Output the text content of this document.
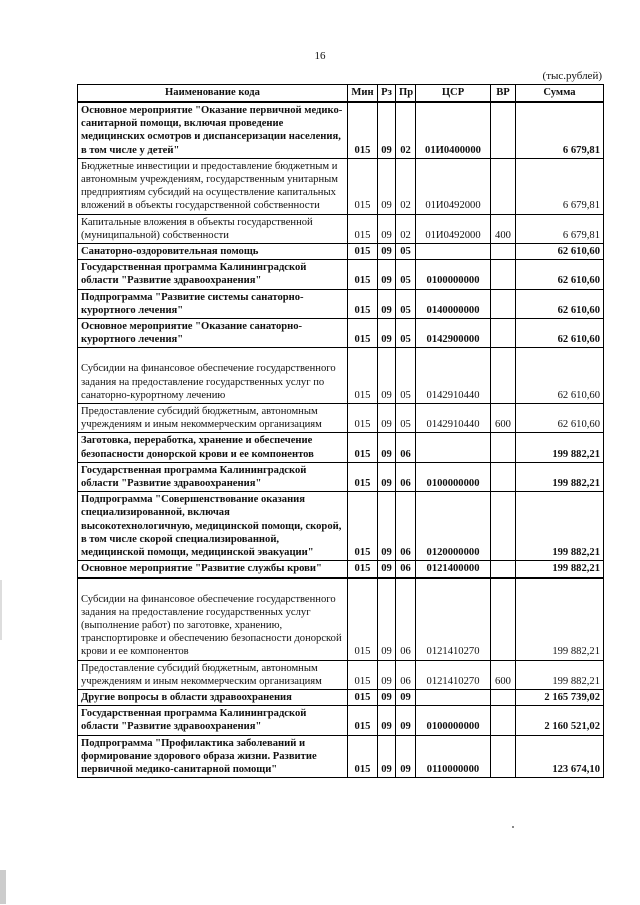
16
(тыс.рублей)
Наименование кода	Мин	Рз	Пр	ЦСР	ВР	Сумма
Основное мероприятие "Оказание первичной медико-санитарной помощи, включая проведение медицинских осмотров и диспансеризации населения, в том числе у детей"	015	09	02	01И0400000		6 679,81
Бюджетные инвестиции и предоставление бюджетным и автономным учреждениям, государственным унитарным предприятиям субсидий на осуществление капитальных вложений в объекты государственной собственности	015	09	02	01И0492000		6 679,81
Капитальные вложения в объекты государственной (муниципальной) собственности	015	09	02	01И0492000	400	6 679,81
Санаторно-оздоровительная помощь	015	09	05			62 610,60
Государственная программа Калининградской области "Развитие здравоохранения"	015	09	05	0100000000		62 610,60
Подпрограмма "Развитие системы санаторно-курортного лечения"	015	09	05	0140000000		62 610,60
Основное мероприятие "Оказание санаторно-курортного лечения"	015	09	05	0142900000		62 610,60
Субсидии на финансовое обеспечение государственного задания на предоставление государственных услуг по санаторно-курортному лечению	015	09	05	0142910440		62 610,60
Предоставление субсидий бюджетным, автономным учреждениям и иным некоммерческим организациям	015	09	05	0142910440	600	62 610,60
Заготовка, переработка, хранение и обеспечение безопасности донорской крови и ее компонентов	015	09	06			199 882,21
Государственная программа Калининградской области "Развитие здравоохранения"	015	09	06	0100000000		199 882,21
Подпрограмма "Совершенствование оказания специализированной, включая высокотехнологичную, медицинской помощи, скорой, в том числе скорой специализированной, медицинской помощи, медицинской эвакуации"	015	09	06	0120000000		199 882,21
Основное мероприятие "Развитие службы крови"	015	09	06	0121400000		199 882,21
Субсидии на финансовое обеспечение государственного задания на предоставление государственных услуг (выполнение работ) по заготовке, хранению, транспортировке и обеспечению безопасности донорской крови и ее компонентов	015	09	06	0121410270		199 882,21
Предоставление субсидий бюджетным, автономным учреждениям и иным некоммерческим организациям	015	09	06	0121410270	600	199 882,21
Другие вопросы в области здравоохранения	015	09	09			2 165 739,02
Государственная программа Калининградской области "Развитие здравоохранения"	015	09	09	0100000000		2 160 521,02
Подпрограмма "Профилактика заболеваний и формирование здорового образа жизни. Развитие первичной медико-санитарной помощи"	015	09	09	0110000000		123 674,10
